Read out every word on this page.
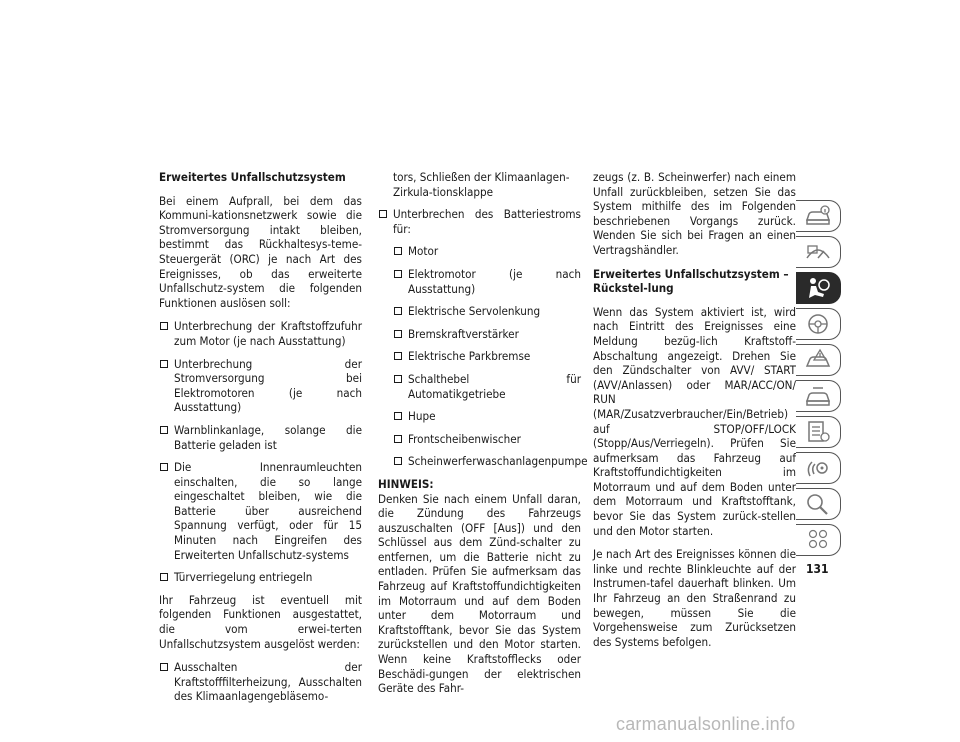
Erweitertes Unfallschutzsystem
Bei einem Aufprall, bei dem das Kommuni-kationsnetzwerk sowie die Stromversorgung intakt bleiben, bestimmt das Rückhaltesys-teme-Steuergerät (ORC) je nach Art des Ereignisses, ob das erweiterte Unfallschutz-system die folgenden Funktionen auslösen soll:
Unterbrechung der Kraftstoffzufuhr zum Motor (je nach Ausstattung)
Unterbrechung der Stromversorgung bei Elektromotoren (je nach Ausstattung)
Warnblinkanlage, solange die Batterie geladen ist
Die Innenraumleuchten einschalten, die so lange eingeschaltet bleiben, wie die Batterie über ausreichend Spannung verfügt, oder für 15 Minuten nach Eingreifen des Erweiterten Unfallschutz-systems
Türverriegelung entriegeln
Ihr Fahrzeug ist eventuell mit folgenden Funktionen ausgestattet, die vom erwei-terten Unfallschutzsystem ausgelöst werden:
Ausschalten der Kraftstofffilterheizung, Ausschalten des Klimaanlagengebläsemo-
tors, Schließen der Klimaanlagen-Zirkula-tionsklappe
Unterbrechen des Batteriestroms für:
Motor
Elektromotor (je nach Ausstattung)
Elektrische Servolenkung
Bremskraftverstärker
Elektrische Parkbremse
Schalthebel für Automatikgetriebe
Hupe
Frontscheibenwischer
Scheinwerferwaschanlagenpumpe
HINWEIS:
Denken Sie nach einem Unfall daran, die Zündung des Fahrzeugs auszuschalten (OFF [Aus]) und den Schlüssel aus dem Zünd-schalter zu entfernen, um die Batterie nicht zu entladen. Prüfen Sie aufmerksam das Fahrzeug auf Kraftstoffundichtigkeiten im Motorraum und auf dem Boden unter dem Motorraum und Kraftstofftank, bevor Sie das System zurückstellen und den Motor starten. Wenn keine Kraftstofflecks oder Beschädi-gungen der elektrischen Geräte des Fahr-
zeugs (z. B. Scheinwerfer) nach einem Unfall zurückbleiben, setzen Sie das System mithilfe des im Folgenden beschriebenen Vorgangs zurück. Wenden Sie sich bei Fragen an einen Vertragshändler.
Erweitertes Unfallschutzsystem – Rückstel-lung
Wenn das System aktiviert ist, wird nach Eintritt des Ereignisses eine Meldung bezüg-lich Kraftstoff-Abschaltung angezeigt. Drehen Sie den Zündschalter von AVV/ START (AVV/Anlassen) oder MAR/ACC/ON/ RUN (MAR/Zusatzverbraucher/Ein/Betrieb) auf STOP/OFF/LOCK (Stopp/Aus/Verriegeln). Prüfen Sie aufmerksam das Fahrzeug auf Kraftstoffundichtigkeiten im Motorraum und auf dem Boden unter dem Motorraum und Kraftstofftank, bevor Sie das System zurück-stellen und den Motor starten.
Je nach Art des Ereignisses können die linke und rechte Blinkleuchte auf der Instrumen-tafel dauerhaft blinken. Um Ihr Fahrzeug an den Straßenrand zu bewegen, müssen Sie die Vorgehensweise zum Zurücksetzen des Systems befolgen.
131
carmanualsonline.info
